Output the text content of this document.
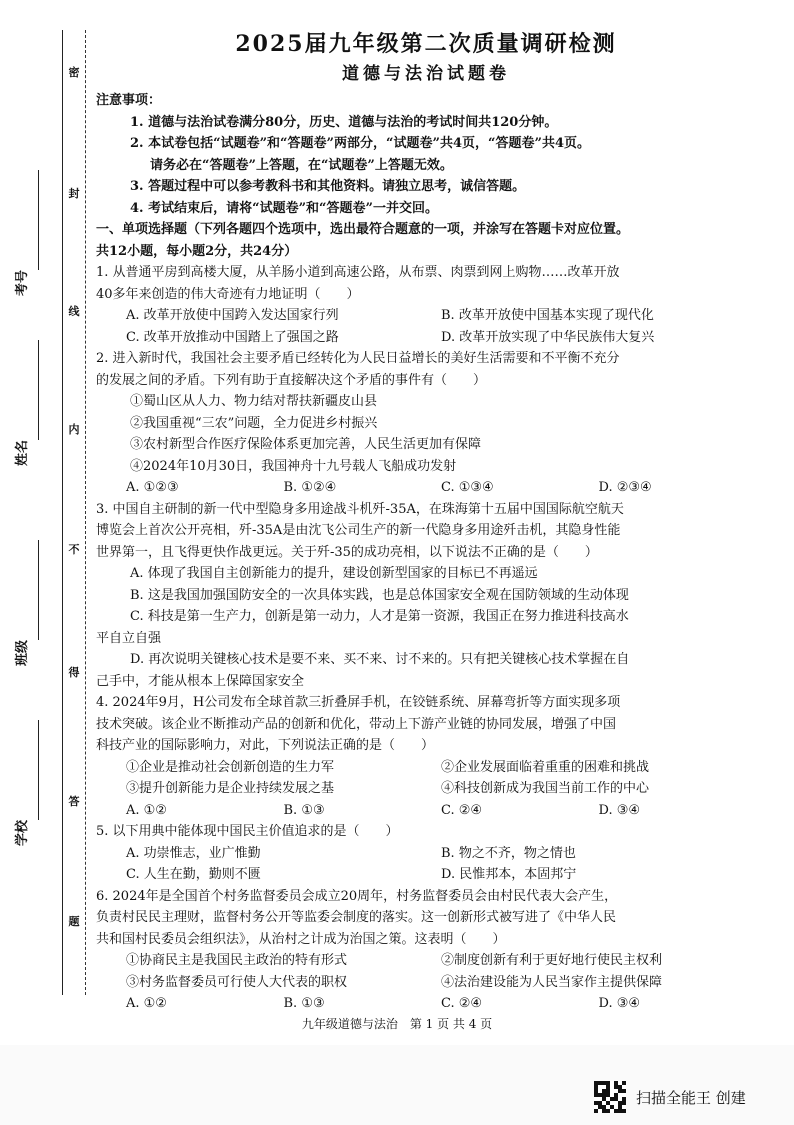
密
封
线
内
不
得
答
题
考号
姓名
班级
学校
2025届九年级第二次质量调研检测
道德与法治试题卷
注意事项：
1. 道德与法治试卷满分80分，历史、道德与法治的考试时间共120分钟。
2. 本试卷包括“试题卷”和“答题卷”两部分，“试题卷”共4页，“答题卷”共4页。
请务必在“答题卷”上答题，在“试题卷”上答题无效。
3. 答题过程中可以参考教科书和其他资料。请独立思考，诚信答题。
4. 考试结束后，请将“试题卷”和“答题卷”一并交回。
一、单项选择题（下列各题四个选项中，选出最符合题意的一项，并涂写在答题卡对应位置。
共12小题，每小题2分，共24分）
1. 从普通平房到高楼大厦，从羊肠小道到高速公路，从布票、肉票到网上购物……改革开放
40多年来创造的伟大奇迹有力地证明（　　）
A. 改革开放使中国跨入发达国家行列	B. 改革开放使中国基本实现了现代化
C. 改革开放推动中国踏上了强国之路	D. 改革开放实现了中华民族伟大复兴
2. 进入新时代，我国社会主要矛盾已经转化为人民日益增长的美好生活需要和不平衡不充分
的发展之间的矛盾。下列有助于直接解决这个矛盾的事件有（　　）
①蜀山区从人力、物力结对帮扶新疆皮山县
②我国重视“三农”问题，全力促进乡村振兴
③农村新型合作医疗保险体系更加完善，人民生活更加有保障
④2024年10月30日，我国神舟十九号载人飞船成功发射
A. ①②③	B. ①②④	C. ①③④	D. ②③④
3. 中国自主研制的新一代中型隐身多用途战斗机歼-35A，在珠海第十五届中国国际航空航天
博览会上首次公开亮相，歼-35A是由沈飞公司生产的新一代隐身多用途歼击机，其隐身性能
世界第一，且飞得更快作战更远。关于歼-35的成功亮相，以下说法不正确的是（　　）
A. 体现了我国自主创新能力的提升，建设创新型国家的目标已不再遥远
B. 这是我国加强国防安全的一次具体实践，也是总体国家安全观在国防领域的生动体现
C. 科技是第一生产力，创新是第一动力，人才是第一资源，我国正在努力推进科技高水
平自立自强
D. 再次说明关键核心技术是要不来、买不来、讨不来的。只有把关键核心技术掌握在自
己手中，才能从根本上保障国家安全
4. 2024年9月，H公司发布全球首款三折叠屏手机，在铰链系统、屏幕弯折等方面实现多项
技术突破。该企业不断推动产品的创新和优化，带动上下游产业链的协同发展，增强了中国
科技产业的国际影响力，对此，下列说法正确的是（　　）
①企业是推动社会创新创造的生力军	②企业发展面临着重重的困难和挑战
③提升创新能力是企业持续发展之基	④科技创新成为我国当前工作的中心
A. ①②	B. ①③	C. ②④	D. ③④
5. 以下用典中能体现中国民主价值追求的是（　　）
A. 功崇惟志，业广惟勤	B. 物之不齐，物之情也
C. 人生在勤，勤则不匮	D. 民惟邦本，本固邦宁
6. 2024年是全国首个村务监督委员会成立20周年，村务监督委员会由村民代表大会产生，
负责村民民主理财，监督村务公开等监委会制度的落实。这一创新形式被写进了《中华人民
共和国村民委员会组织法》，从治村之计成为治国之策。这表明（　　）
①协商民主是我国民主政治的特有形式	②制度创新有利于更好地行使民主权利
③村务监督委员可行使人大代表的职权	④法治建设能为人民当家作主提供保障
A. ①②	B. ①③	C. ②④	D. ③④
九年级道德与法治　第 1 页 共 4 页
扫描全能王 创建
